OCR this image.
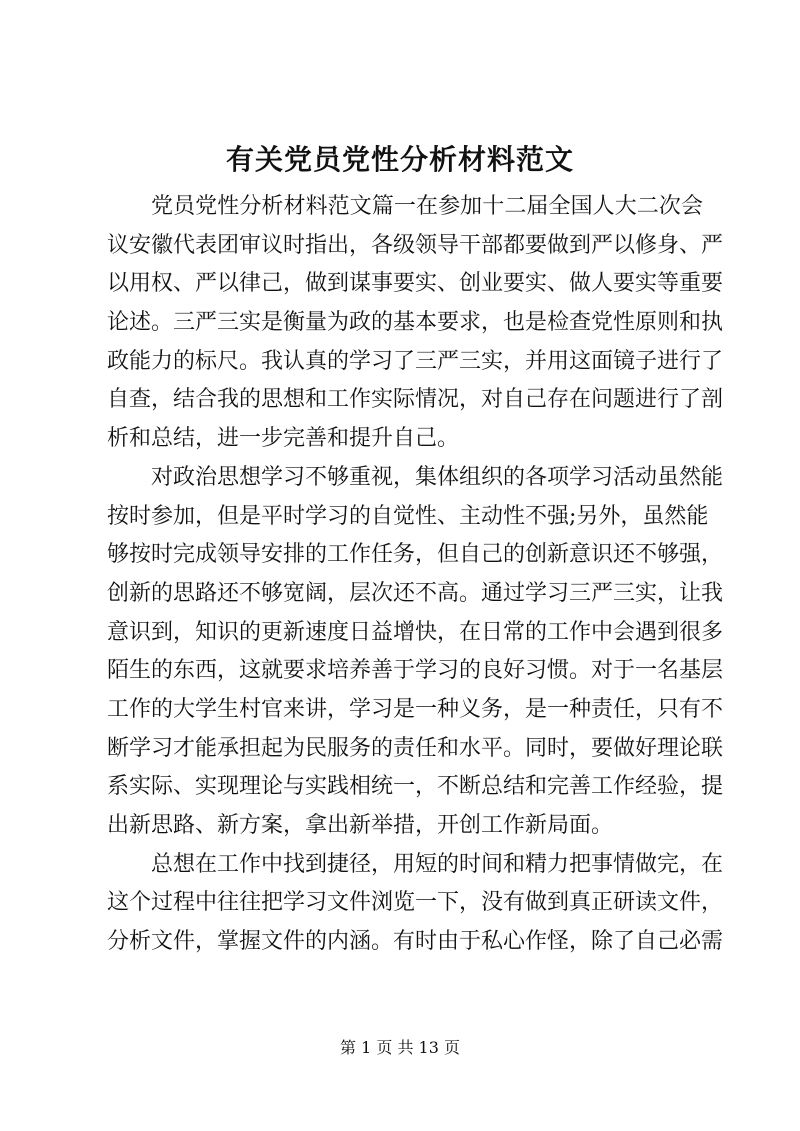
有关党员党性分析材料范文
党员党性分析材料范文篇一在参加十二届全国人大二次会
议安徽代表团审议时指出，各级领导干部都要做到严以修身、严
以用权、严以律己，做到谋事要实、创业要实、做人要实等重要
论述。三严三实是衡量为政的基本要求，也是检查党性原则和执
政能力的标尺。我认真的学习了三严三实，并用这面镜子进行了
自查，结合我的思想和工作实际情况，对自己存在问题进行了剖
析和总结，进一步完善和提升自己。
对政治思想学习不够重视，集体组织的各项学习活动虽然能
按时参加，但是平时学习的自觉性、主动性不强;另外，虽然能
够按时完成领导安排的工作任务，但自己的创新意识还不够强，
创新的思路还不够宽阔，层次还不高。通过学习三严三实，让我
意识到，知识的更新速度日益增快，在日常的工作中会遇到很多
陌生的东西，这就要求培养善于学习的良好习惯。对于一名基层
工作的大学生村官来讲，学习是一种义务，是一种责任，只有不
断学习才能承担起为民服务的责任和水平。同时，要做好理论联
系实际、实现理论与实践相统一，不断总结和完善工作经验，提
出新思路、新方案，拿出新举措，开创工作新局面。
总想在工作中找到捷径，用短的时间和精力把事情做完，在
这个过程中往往把学习文件浏览一下，没有做到真正研读文件，
分析文件，掌握文件的内涵。有时由于私心作怪，除了自己必需
第 1 页 共 13 页
